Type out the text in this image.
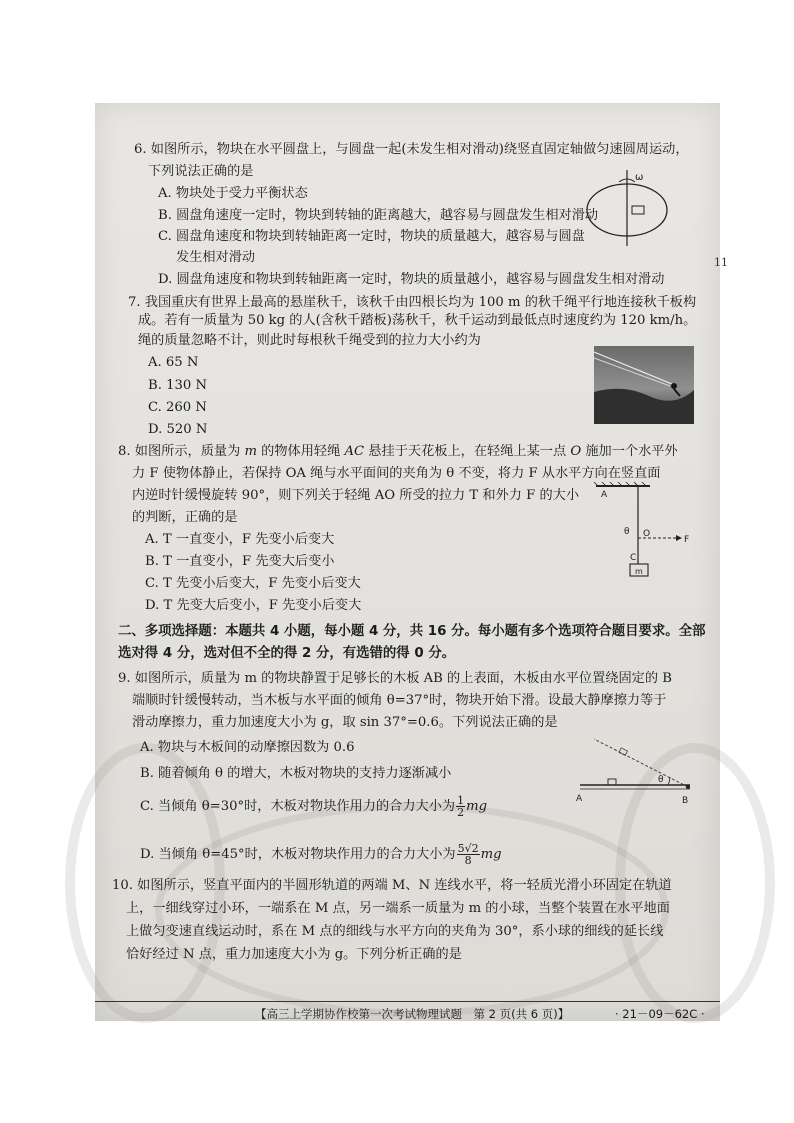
11
6. 如图所示，物块在水平圆盘上，与圆盘一起(未发生相对滑动)绕竖直固定轴做匀速圆周运动，
下列说法正确的是
A. 物块处于受力平衡状态
B. 圆盘角速度一定时，物块到转轴的距离越大，越容易与圆盘发生相对滑动
C. 圆盘角速度和物块到转轴距离一定时，物块的质量越大，越容易与圆盘
发生相对滑动
D. 圆盘角速度和物块到转轴距离一定时，物块的质量越小，越容易与圆盘发生相对滑动
ω
7. 我国重庆有世界上最高的悬崖秋千，该秋千由四根长均为 100 m 的秋千绳平行地连接秋千板构
成。若有一质量为 50 kg 的人(含秋千踏板)荡秋千，秋千运动到最低点时速度约为 120 km/h。
绳的质量忽略不计，则此时每根秋千绳受到的拉力大小约为
A. 65 N
B. 130 N
C. 260 N
D. 520 N
8. 如图所示，质量为 m 的物体用轻绳 AC 悬挂于天花板上，在轻绳上某一点 O 施加一个水平外
力 F 使物体静止，若保持 OA 绳与水平面间的夹角为 θ 不变，将力 F 从水平方向在竖直面
内逆时针缓慢旋转 90°，则下列关于轻绳 AO 所受的拉力 T 和外力 F 的大小
的判断，正确的是
A. T 一直变小，F 先变小后变大
B. T 一直变小，F 先变大后变小
C. T 先变小后变大，F 先变小后变大
D. T 先变大后变小，F 先变小后变大
A
O
C
F
θ
m
二、多项选择题：本题共 4 小题，每小题 4 分，共 16 分。每小题有多个选项符合题目要求。全部
选对得 4 分，选对但不全的得 2 分，有选错的得 0 分。
9. 如图所示，质量为 m 的物块静置于足够长的木板 AB 的上表面，木板由水平位置绕固定的 B
端顺时针缓慢转动，当木板与水平面的倾角 θ=37°时，物块开始下滑。设最大静摩擦力等于
滑动摩擦力，重力加速度大小为 g，取 sin 37°=0.6。下列说法正确的是
A. 物块与木板间的动摩擦因数为 0.6
B. 随着倾角 θ 的增大，木板对物块的支持力逐渐减小
C. 当倾角 θ=30°时，木板对物块作用力的合力大小为 $\frac{1}{2}$ mg
D. 当倾角 θ=45°时，木板对物块作用力的合力大小为 $\frac{5√2}{8}$ mg
A	B
θ
10. 如图所示，竖直平面内的半圆形轨道的两端 M、N 连线水平，将一轻质光滑小环固定在轨道
上，一细线穿过小环，一端系在 M 点，另一端系一质量为 m 的小球，当整个装置在水平地面
上做匀变速直线运动时，系在 M 点的细线与水平方向的夹角为 30°，系小球的细线的延长线
恰好经过 N 点，重力加速度大小为 g。下列分析正确的是
【高三上学期协作校第一次考试物理试题　第 2 页(共 6 页)】	· 21－09－62C ·
